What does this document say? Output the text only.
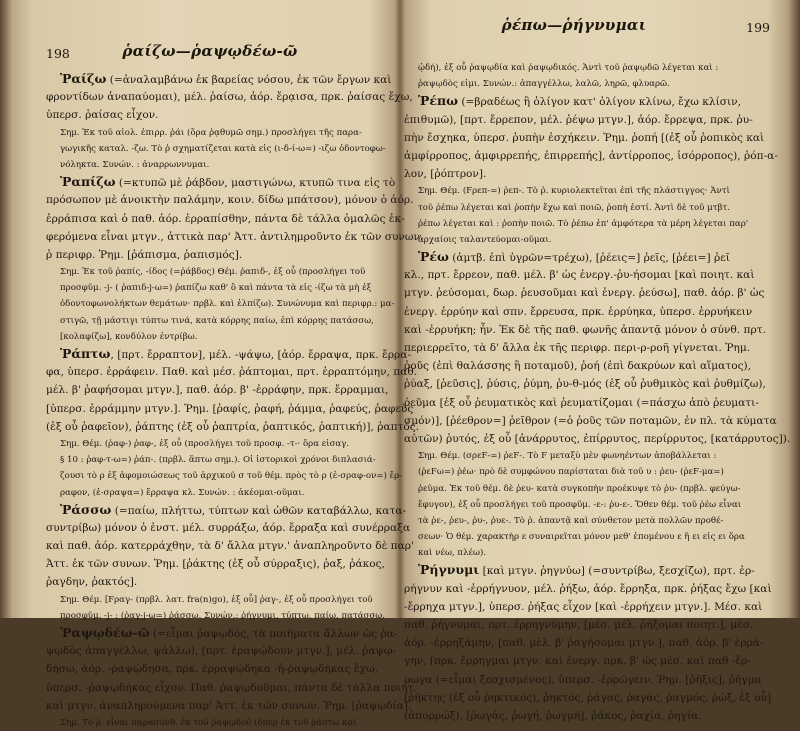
198	ῥαίζω—ῥαψῳδέω-ῶ
Ῥαίζω (=ἀναλαμβάνω ἐκ βαρείας νόσου, ἐκ τῶν ἔργων καὶ
φροντίδων ἀναπαύομαι), μέλ. ῥαίσω, ἀόρ. ἔρᾳισα, πρκ. ῥαίσας ἔχω,
ὑπερσ. ῥαίσας εἶχον.
Σημ. Ἐκ τοῦ αἰολ. ἐπιρρ. ῥάι (ὅρα ῥᾳθυμῶ σημ.) προσλήγει τῆς παρα-
γωγικῆς καταλ. -ζω. Τὸ ῥ σχηματίζεται κατὰ εἰς (ι-δ-ί-ω=) -ιζω ὀδοντοφω-
νόληκτα. Συνών. : ἀναρρωννυμαι.
Ῥαπίζω (=κτυπῶ μὲ ῥάβδον, μαστιγώνω, κτυπῶ τινα εἰς τὸ
πρόσωπον μὲ ἀνοικτὴν παλάμην, κοιν. δίδω μπάτσον), μόνον ὁ ἀόρ.
ἐρράπισα καὶ ὁ παθ. ἀόρ. ἐρραπίσθην, πάντα δὲ τάλλα ὁμαλῶς ἐκ-
φερόμενα εἶναι μτγν., ἀττικὰ παρ' Ἀττ. ἀντιλημροῦντο ἐκ τῶν συνων.
ῥ περιφρ. Ῥημ. [ῥάπισμα, ῥαπισμός].
Σημ. Ἐκ τοῦ ῥαπίς, -ίδος (=ῥάβδος) Θέμ. ῥαπιδ-, ἐξ οὗ (προσλήγει τοῦ
προσφῦμ. -j- ( ῥαπιδ-j-ω=) ῥαπίζω καθ' ὃ καὶ πάντα τὰ εἰς -ίζω τὰ μὴ ἐξ
ὀδοντοφωνολήκτων θεμάτων· πρβλ. καὶ ἐλπίζω). Συνώνυμα καὶ περιφρ.: μα-
στιγῶ, τῇ μάστιγι τύπτω τινά, κατὰ κόρρης παίω, ἐπὶ κόρρης πατάσσω,
[κολαφίζω], κονδύλον ἐντρίβω.
Ῥάπτω, [πρτ. ἔρραπτον], μέλ. -ψάψω, [ἀόρ. ἔρραψα, πρκ. ἔρρα-
φα, ὑπερσ. ἐρράφειν. Παθ. καὶ μέσ. ῥάπτομαι, πρτ. ἐρραπτόμην, παθ.
μέλ. β' ῥαφήσομαι μτγν.], παθ. ἀόρ. β' -ἐρράφην, πρκ. ἔρραμμαι,
[ὑπερσ. ἐρράμμην μτγν.]. Ῥημ. [ῥαφίς, ῥαφή, ῥάμμα, ῥαφεύς, ῥαφεὺς
(ἐξ οὗ ῥαφεῖον), ῥάπτης (ἐξ οὗ ῥαπτρία, ῥαπτικός, ῥαπτική)], ῥαπτός.
Σημ. Θέμ. (ῥαφ-) ῥαφ-, ἐξ οὗ (προσλήγει τοῦ προσφ. -τ-· ὅρα εἰσαγ.
§ 10 : ῥαφ-τ-ω=) ῥάπ-. (πρβλ. ἅπτω σημ.). Οἱ ἱστορικοὶ χρόνοι διπλασιά-
ζουσι τὸ ρ ἐξ ἀφομοιώσεως τοῦ ἀρχικοῦ σ τοῦ θέμ. πρὸς τὸ ρ (ἐ-σραφ-ον=) ἔρ-
ραφον, (ἐ-σραψα=) ἔρραψα κλ. Συνών. : ἀκέομαι-οῦμαι.
Ῥάσσω (=παίω, πλήττω, τύπτων καὶ ὠθῶν καταβάλλω, κατα-
συντρίβω) μόνον ὁ ἐνστ. μέλ. συρράξω, ἀόρ. ἔρραξα καὶ συνέρραξα
καὶ παθ. ἀόρ. κατερράχθην, τὰ δ' ἄλλα μτγν.' ἀναπληροῦντο δὲ παρ'
Ἀττ. ἐκ τῶν συνων. Ῥημ. [ῥάκτης (ἐξ οὗ σύρραξις), ῥαξ, ῥάκος,
ῥαγδην, ῥακτός].
Σημ. Θέμ. [Ϝραγ- (πρβλ. λατ. fra(n)go), ἐξ οὗ] ῥαγ-, ἐξ οὗ προσλήγει τοῦ
προσφῦμ. -j- : (ῥαγ-j-ω=) ῥάσσω. Συνών.: ῥήγνυμι, τύπτω, παίω, πατάσσω.
Ῥαψῳδέω-ῶ (=εἶμαι ῥαψῳδός, τὰ ποιήματα ἄλλων ὡς ῥα-
ψῳδὸς ἀπαγγέλλω, ψάλλω), [πρτ. ἐραψῴδουν μτγν.], μέλ. ῥαψῳ-
δήσω, ἀόρ. -ῥαψῴδησα, πρκ. ἐρραψῴδηκα -ἡ-ῥαψῳδήκας ἔχω,
ὑπερσ. -ῥαψῳδήκας εἶχον. Παθ. ῥαψῳδοῦμαι, πάντα δὲ τάλλα ποιητ.
καὶ μτγν. ἀναπληρούμενα παρ' Ἀττ. ἐκ τῶν συνων. Ῥημ. [ῥαψῳδία].
Σημ. Τὸ ῥ. εἶναι παρασύνθ. ἐκ τοῦ ῥαψῳδοῦ (ὅπερ ἐκ τοῦ ῥάπτω καὶ
ῥέπω—ῥήγνυμαι	199
ᾠδή), ἐξ οὗ ῥαψῳδία καὶ ῥαψῳδικός. Ἀντὶ τοῦ ῥαψῳδῶ λέγεται καὶ :
ῥαψῳδὸς εἰμι. Συνών.: ἀπαγγέλλω, λαλῶ, ληρῶ, φλυαρῶ.
Ῥέπω (=βραδέως ἢ ὀλίγον κατ' ὀλίγον κλίνω, ἔχω κλίσιν,
ἐπιθυμῶ), [πρτ. ἔρρεπον, μέλ. ῥέψω μτγν.], ἀόρ. ἔρρεψα, πρκ. ῥυ-
πὴν ἔσχηκα, ὑπερσ. ῥυπὴν ἐσχήκειν. Ῥημ. ῥοπή [(ἐξ οὗ ῥοπικὸς καὶ
ἀμφίρροπος, ἀμφιρρεπής, ἐπιρρεπής], ἀντίρροπος, ἰσόρροπος), ῥόπ-α-
λον, [ῥόπτρον].
Σημ. Θέμ. (Ϝρεπ-=) ῥεπ-. Τὸ ῥ. κυριολεκτεῖται ἐπὶ τῆς πλάστιγγος· Ἀντὶ
τοῦ ῥέπω λέγεται καὶ ῥοπὴν ἔχω καὶ ποιῶ, ῥοπὴ ἐστί. Ἀντὶ δὲ τοῦ μτβτ.
ῥέπω λέγεται καὶ : ῥοπὴν ποιῶ. Τὸ ῥέπω ἐπ' ἀμφότερα τὰ μέρη λέγεται παρ'
ἀρχαίοις ταλαντεύομαι-οῦμαι.
Ῥέω (ἀμτβ. ἐπὶ ὑγρῶν=τρέχω), [ῥέεις=] ῥεῖς, [ῥέει=] ῥεῖ
κλ., πρτ. ἔρρεον, παθ. μέλ. β' ὡς ἐνεργ.-ῥυ-ήσομαι [καὶ ποιητ. καὶ
μτγν. ῥεύσομαι, δωρ. ῥευσοῦμαι καὶ ἐνεργ. ῥεύσω], παθ. ἀόρ. β' ὡς
ἐνεργ. ἐρρύην καὶ σπν. ἔρρευσα, πρκ. ἐρρύηκα, ὑπερσ. ἐρρυήκειν
καὶ -ἐρρυήκη; ἦν. Ἐκ δὲ τῆς παθ. φωνῆς ἀπαντᾷ μόνον ὁ σύνθ. πρτ.
περιερρεῖτο, τὰ δ' ἄλλα ἐκ τῆς περιφρ. περι-ρ-ροῆ γίγνεται. Ῥημ.
ῥοῦς (ἐπὶ θαλάσσης ἢ ποταμοῦ), ῥοή (ἐπὶ δακρύων καὶ αἵματος),
ῥύαξ, [ῥεῦσις], ῥύσις, ῥύμη, ῥυ-θ-μός (ἐξ οὗ ῥυθμικὸς καὶ ῥυθμίζω),
ῥεῦμα [ἐξ οὗ ῥευματικὸς καὶ ῥευματίζομαι (=πάσχω ἀπὸ ῥευματι-
σμόν)], [ῥέεθρον=] ῥεῖθρον (=ὁ ῥοῦς τῶν ποταμῶν, ἐν πλ. τὰ κύματα
αὐτῶν) ῥυτός, ἐξ οὗ [ἀνάρρυτος, ἐπίρρυτος, περίρρυτος, [κατάρρυτος]).
Σημ. Θέμ. (σρεϜ-=) ῥεϜ-. Τὸ Ϝ μεταξὺ μὲν φωνηέντων ἀποβάλλεται :
(ῥεϜω=) ῥέω· πρὸ δὲ συμφώνου παρίσταται διὰ τοῦ υ : ῥευ- (ῥεϜ-μα=)
ῥεῦμα. Ἐκ τοῦ θέμ. δὲ ῥευ- κατὰ συγκοπὴν προέκυψε τὸ ῥυ- (πρβλ. φεύγω-
ἔφυγον), ἐξ οὗ προσλήγει τοῦ προσφῦμ. -ε-: ῥυ-ε-. Ὅθεν θέμ. τοῦ ῥέω εἶναι
τὰ ῥε-, ῥευ-, ῥυ-, ῥυε-. Τὸ ῥ. ἀπαντᾷ καὶ σύνθετον μετὰ πολλῶν προθέ-
σεων· Ὁ θέμ. χαρακτὴρ ε συναιρεῖται μόνον μεθ' ἑπομένου ε ἢ ει εἰς ει ὅρα
καὶ νέω, πλέω).
Ῥήγνυμι [καὶ μτγν. ῥηγνύω] (=συντρίβω, ξεσχίζω), πρτ. ἐρ-
ρήγνυν καὶ -ἐρρήγνυον, μέλ. ῥήξω, ἀόρ. ἔρρηξα, πρκ. ῥήξας ἔχω [καὶ
-ἔρρηχα μτγν.], ὑπερσ. ῥήξας εἶχον [καὶ -ἐρρήχειν μτγν.]. Μέσ. καὶ
παθ. ῥήγνυμαι, πρτ. ἐρρηγνύμην, [μέσ. μέλ. ῥήξομαι ποιητ.], μέσ.
ἀόρ. -ἐρρηξάμην, [παθ. μέλ. β' ῥαγήσομαι μτγν.], παθ. ἀόρ. β' ἐρρά-
γην, [πρκ. ἔρρηγμαι μτγν. καὶ ἐνεργ. πρκ. β' ὡς μέσ. καὶ παθ -ἔρ-
ρωγα (=εἶμαι ξεσχισμένος), ὑπερσ. -ἐρρώγειν. Ῥημ. [ῥῆξις], ῥῆγμα
[ῥήκτης (ἐξ οὗ ῥηκτικός), ῥηκτός, ῥάγας, ῥαγάς, ῥαγμός, ῥώξ, ἐξ οὗ]
(ἀπορρώξ), [ῥωγάς, ῥωγή, ῥωγμή], ῥάκος, ῥαχία, ῥηγία.
